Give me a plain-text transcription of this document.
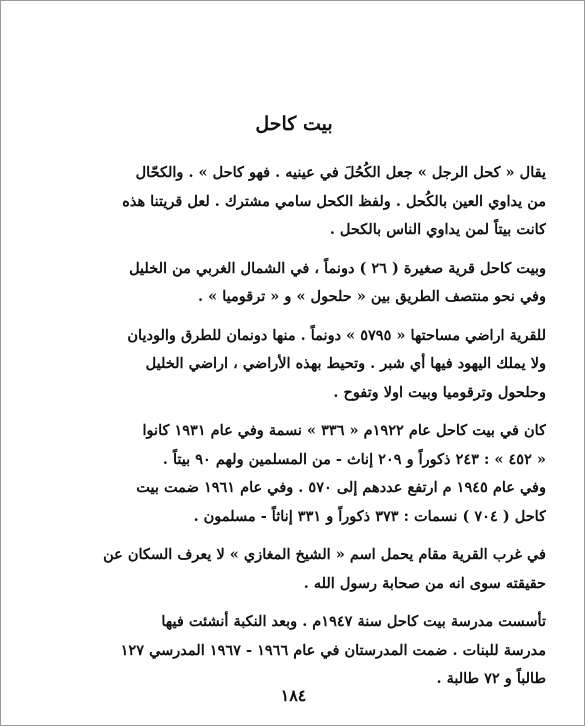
بيت كاحل
يقال « كحل الرجل » جعل الكُحُلَ في عينيه . فهو كاحل » . والكحّال
من يداوي العين بالكُحل . ولفظ الكحل سامي مشترك . لعل قريتنا هذه
كانت بيتاً لمن يداوي الناس بالكحل .
وبيت كاحل قرية صغيرة ( ٢٦ ) دونماً ، في الشمال الغربي من الخليل
وفي نحو منتصف الطريق بين « حلحول » و « ترقوميا » .
للقرية اراضي مساحتها « ٥٧٩٥ » دونماً . منها دونمان للطرق والوديان
ولا يملك اليهود فيها أي شبر . وتحيط بهذه الأراضي ، اراضي الخليل
وحلحول وترقوميا وبيت اولا وتفوح .
كان في بيت كاحل عام ١٩٢٢م « ٣٣٦ » نسمة وفي عام ١٩٣١ كانوا
« ٤٥٢ » : ٢٤٣ ذكوراً و ٢٠٩ إناث - من المسلمين ولهم ٩٠ بيتاً .
وفي عام ١٩٤٥ م ارتفع عددهم إلى ٥٧٠ . وفي عام ١٩٦١ ضمت بيت
كاحل ( ٧٠٤ ) نسمات : ٣٧٣ ذكوراً و ٣٣١ إناثاً - مسلمون .
في غرب القرية مقام يحمل اسم « الشيخ المغازي » لا يعرف السكان عن
حقيقته سوى انه من صحابة رسول الله .
تأسست مدرسة بيت كاحل سنة ١٩٤٧م . وبعد النكبة أنشئت فيها
مدرسة للبنات . ضمت المدرستان في عام ١٩٦٦ - ١٩٦٧ المدرسي ١٢٧
طالباً و ٧٢ طالبة .
١٨٤
